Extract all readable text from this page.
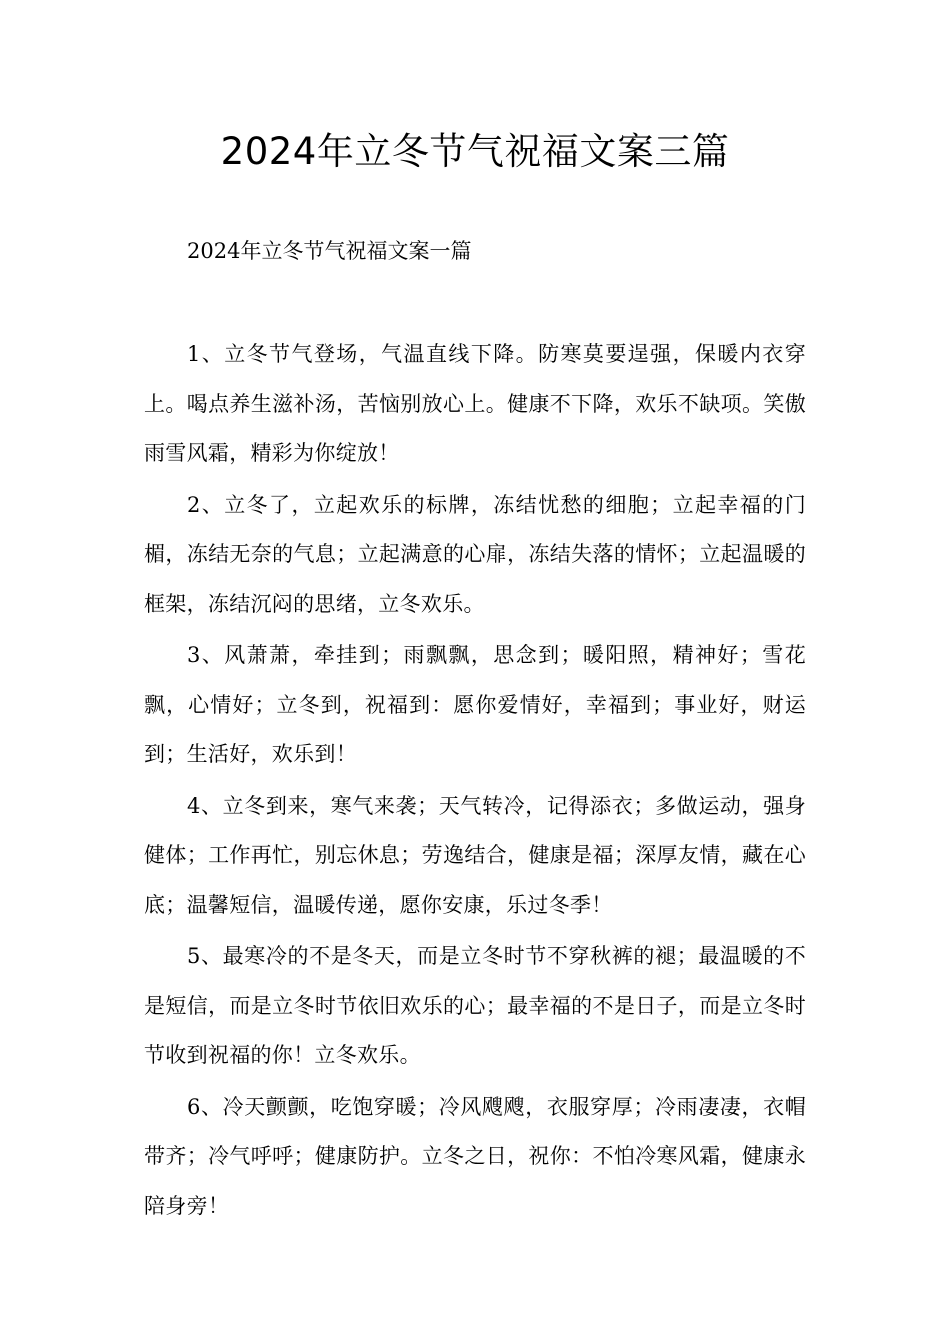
2024年立冬节气祝福文案三篇
2024年立冬节气祝福文案一篇

1、立冬节气登场，气温直线下降。防寒莫要逞强，保暖内衣穿上。喝点养生滋补汤，苦恼别放心上。健康不下降，欢乐不缺项。笑傲雨雪风霜，精彩为你绽放！

2、立冬了，立起欢乐的标牌，冻结忧愁的细胞；立起幸福的门楣，冻结无奈的气息；立起满意的心扉，冻结失落的情怀；立起温暖的框架，冻结沉闷的思绪，立冬欢乐。

3、风萧萧，牵挂到；雨飘飘，思念到；暖阳照，精神好；雪花飘，心情好；立冬到，祝福到：愿你爱情好，幸福到；事业好，财运到；生活好，欢乐到！

4、立冬到来，寒气来袭；天气转冷，记得添衣；多做运动，强身健体；工作再忙，别忘休息；劳逸结合，健康是福；深厚友情，藏在心底；温馨短信，温暖传递，愿你安康，乐过冬季！

5、最寒冷的不是冬天，而是立冬时节不穿秋裤的褪；最温暖的不是短信，而是立冬时节依旧欢乐的心；最幸福的不是日子，而是立冬时节收到祝福的你！立冬欢乐。

6、冷天颤颤，吃饱穿暖；冷风飕飕，衣服穿厚；冷雨凄凄，衣帽带齐；冷气呼呼；健康防护。立冬之日，祝你：不怕冷寒风霜，健康永陪身旁！
